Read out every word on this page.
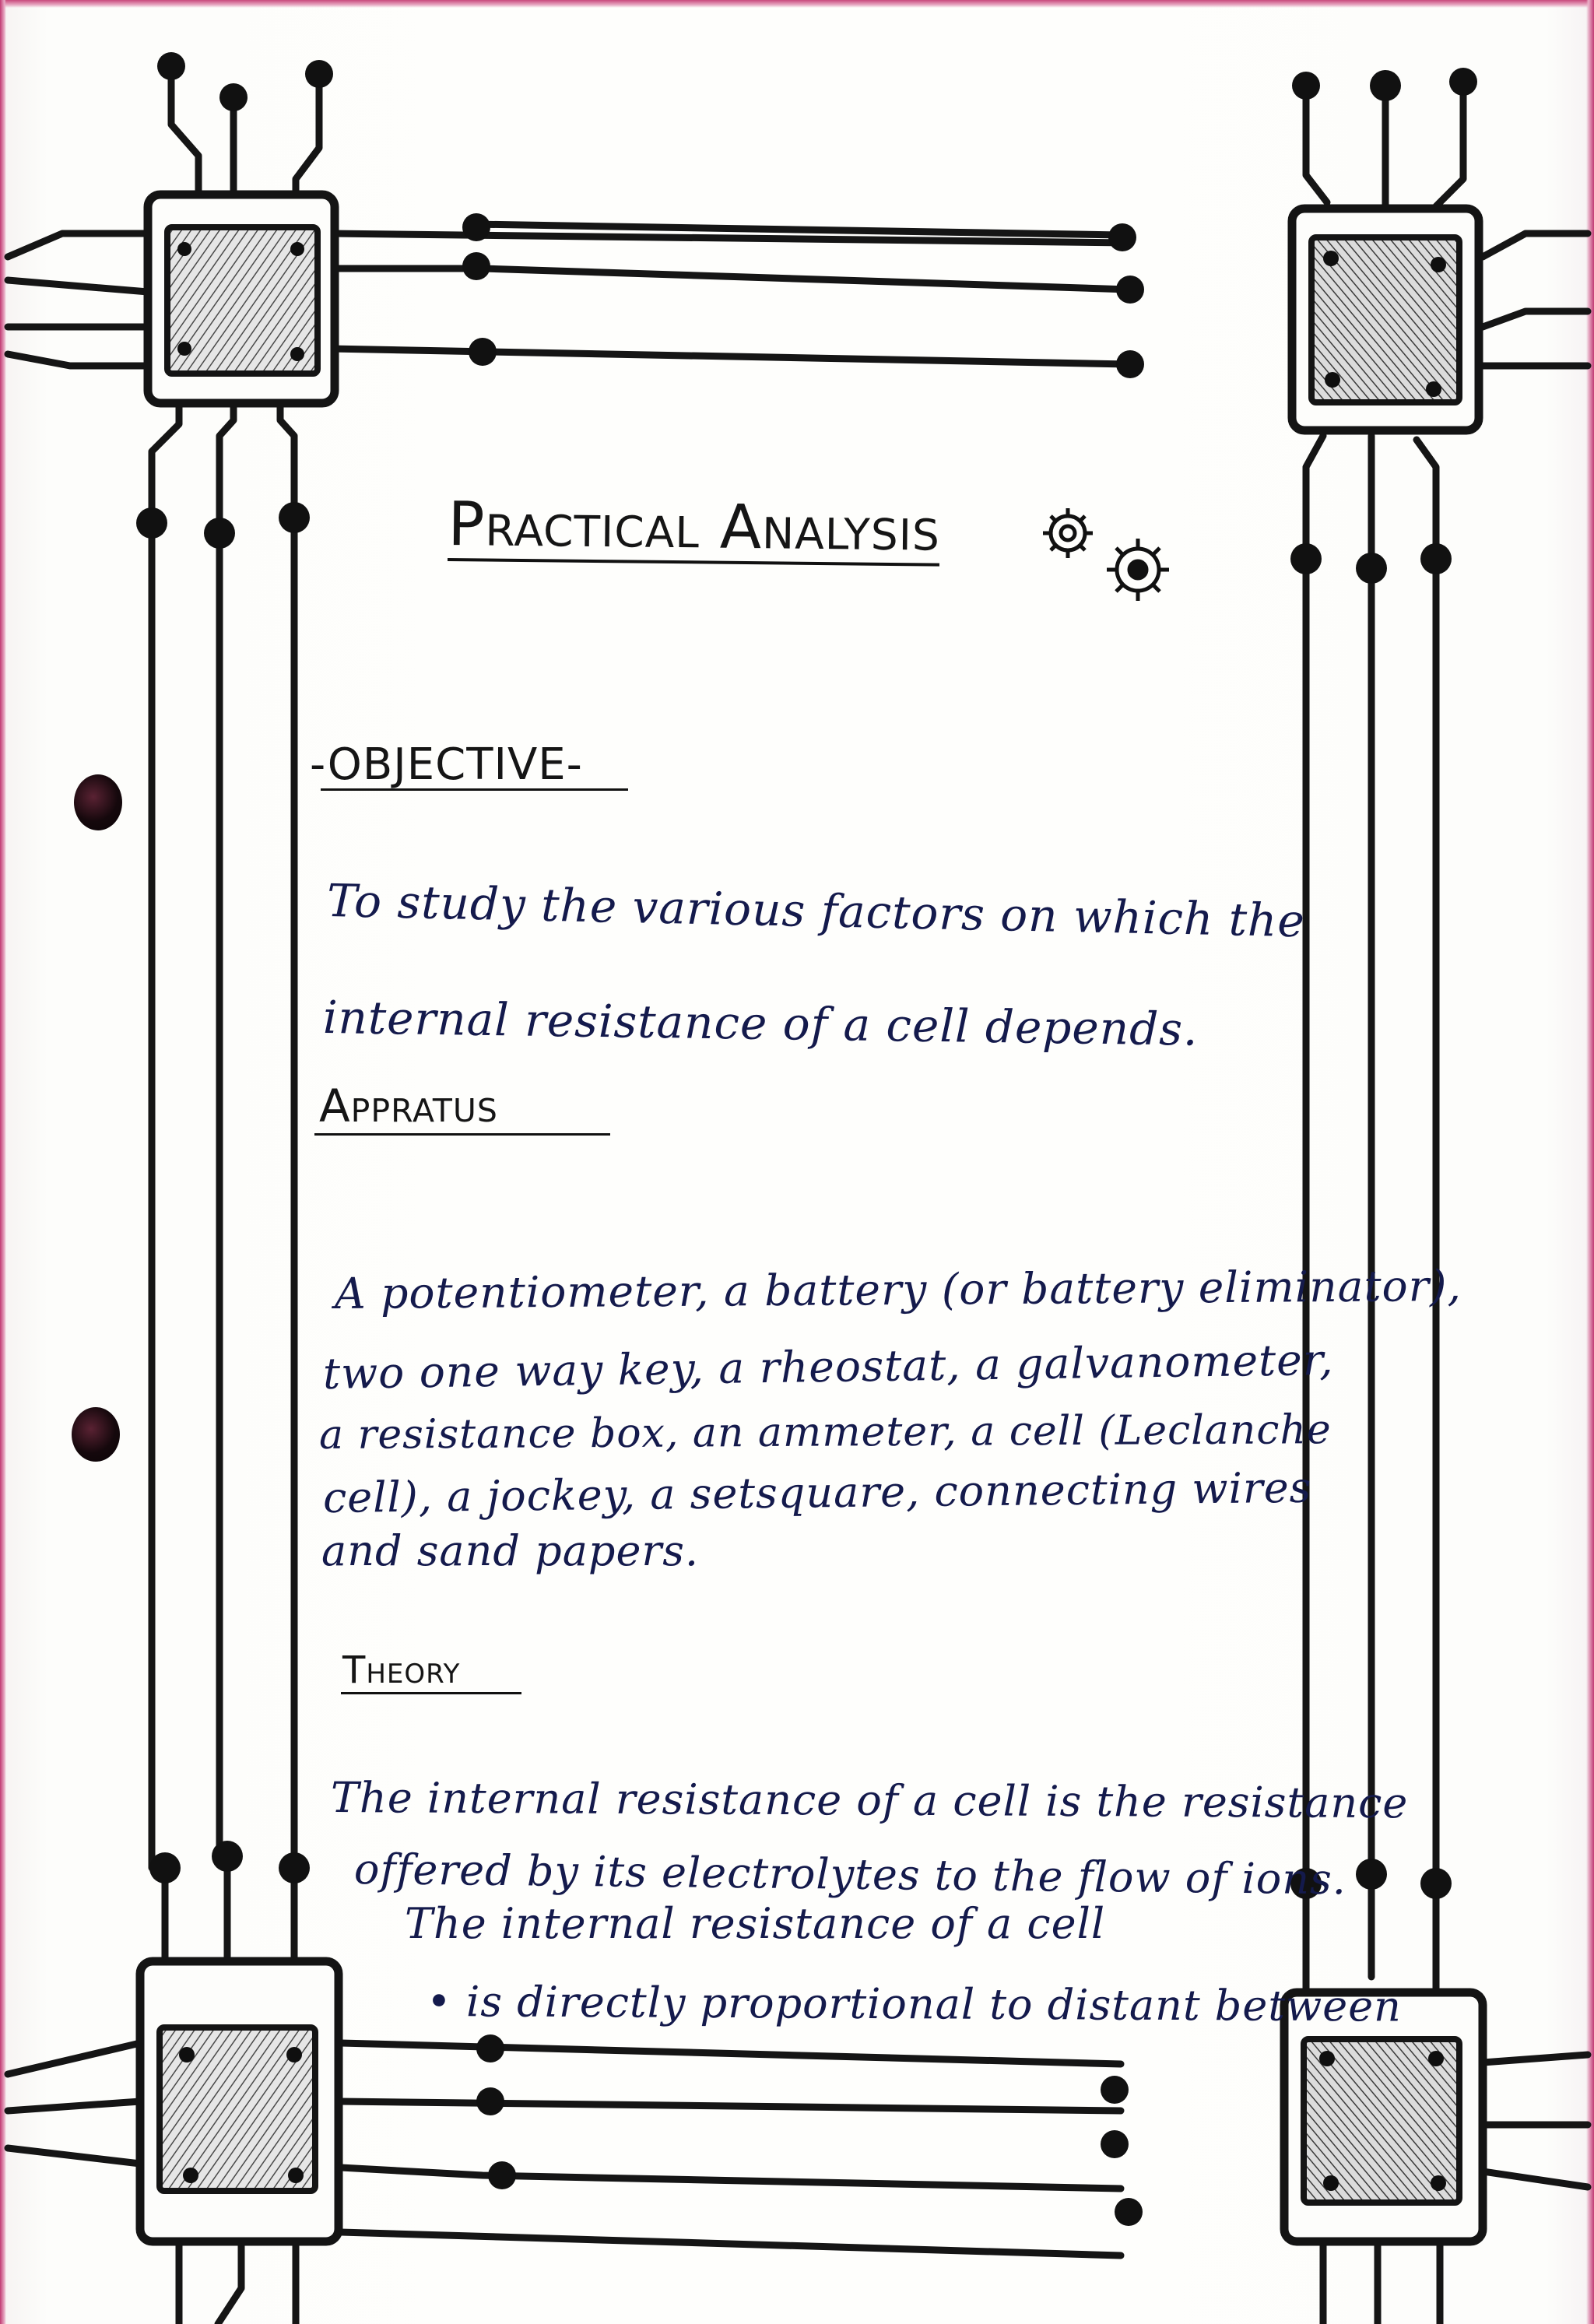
Practical Analysis
-OBJECTIVE-
To study the various factors on which the
internal resistance of a cell depends.
Appratus
A potentiometer, a battery (or battery eliminator),
two one way key, a rheostat, a galvanometer,
a resistance box, an ammeter, a cell (Leclanche
cell), a jockey, a setsquare, connecting wires
and sand papers.
Theory
The internal resistance of a cell is the resistance
offered by its electrolytes to the flow of ions.
The internal resistance of a cell
• is directly proportional to distant between
